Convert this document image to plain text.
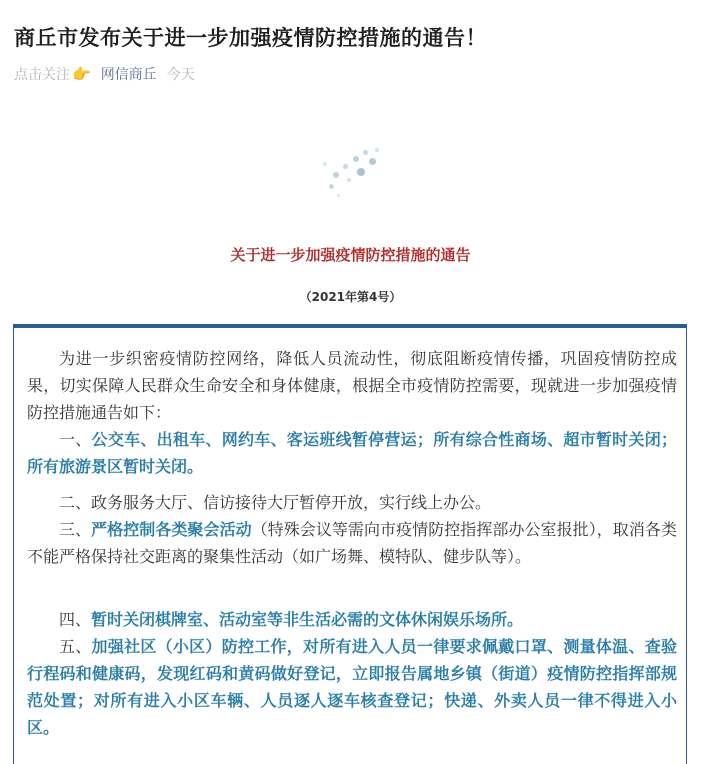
商丘市发布关于进一步加强疫情防控措施的通告！
点击关注 👉 网信商丘 今天
关于进一步加强疫情防控措施的通告
（2021年第4号）
为进一步织密疫情防控网络，降低人员流动性，彻底阻断疫情传播，巩固疫情防控成果，切实保障人民群众生命安全和身体健康，根据全市疫情防控需要，现就进一步加强疫情防控措施通告如下：
一、公交车、出租车、网约车、客运班线暂停营运；所有综合性商场、超市暂时关闭；所有旅游景区暂时关闭。
二、政务服务大厅、信访接待大厅暂停开放，实行线上办公。
三、严格控制各类聚会活动（特殊会议等需向市疫情防控指挥部办公室报批），取消各类不能严格保持社交距离的聚集性活动（如广场舞、模特队、健步队等）。
四、暂时关闭棋牌室、活动室等非生活必需的文体休闲娱乐场所。
五、加强社区（小区）防控工作，对所有进入人员一律要求佩戴口罩、测量体温、查验行程码和健康码，发现红码和黄码做好登记，立即报告属地乡镇（街道）疫情防控指挥部规范处置；对所有进入小区车辆、人员逐人逐车核查登记；快递、外卖人员一律不得进入小区。
